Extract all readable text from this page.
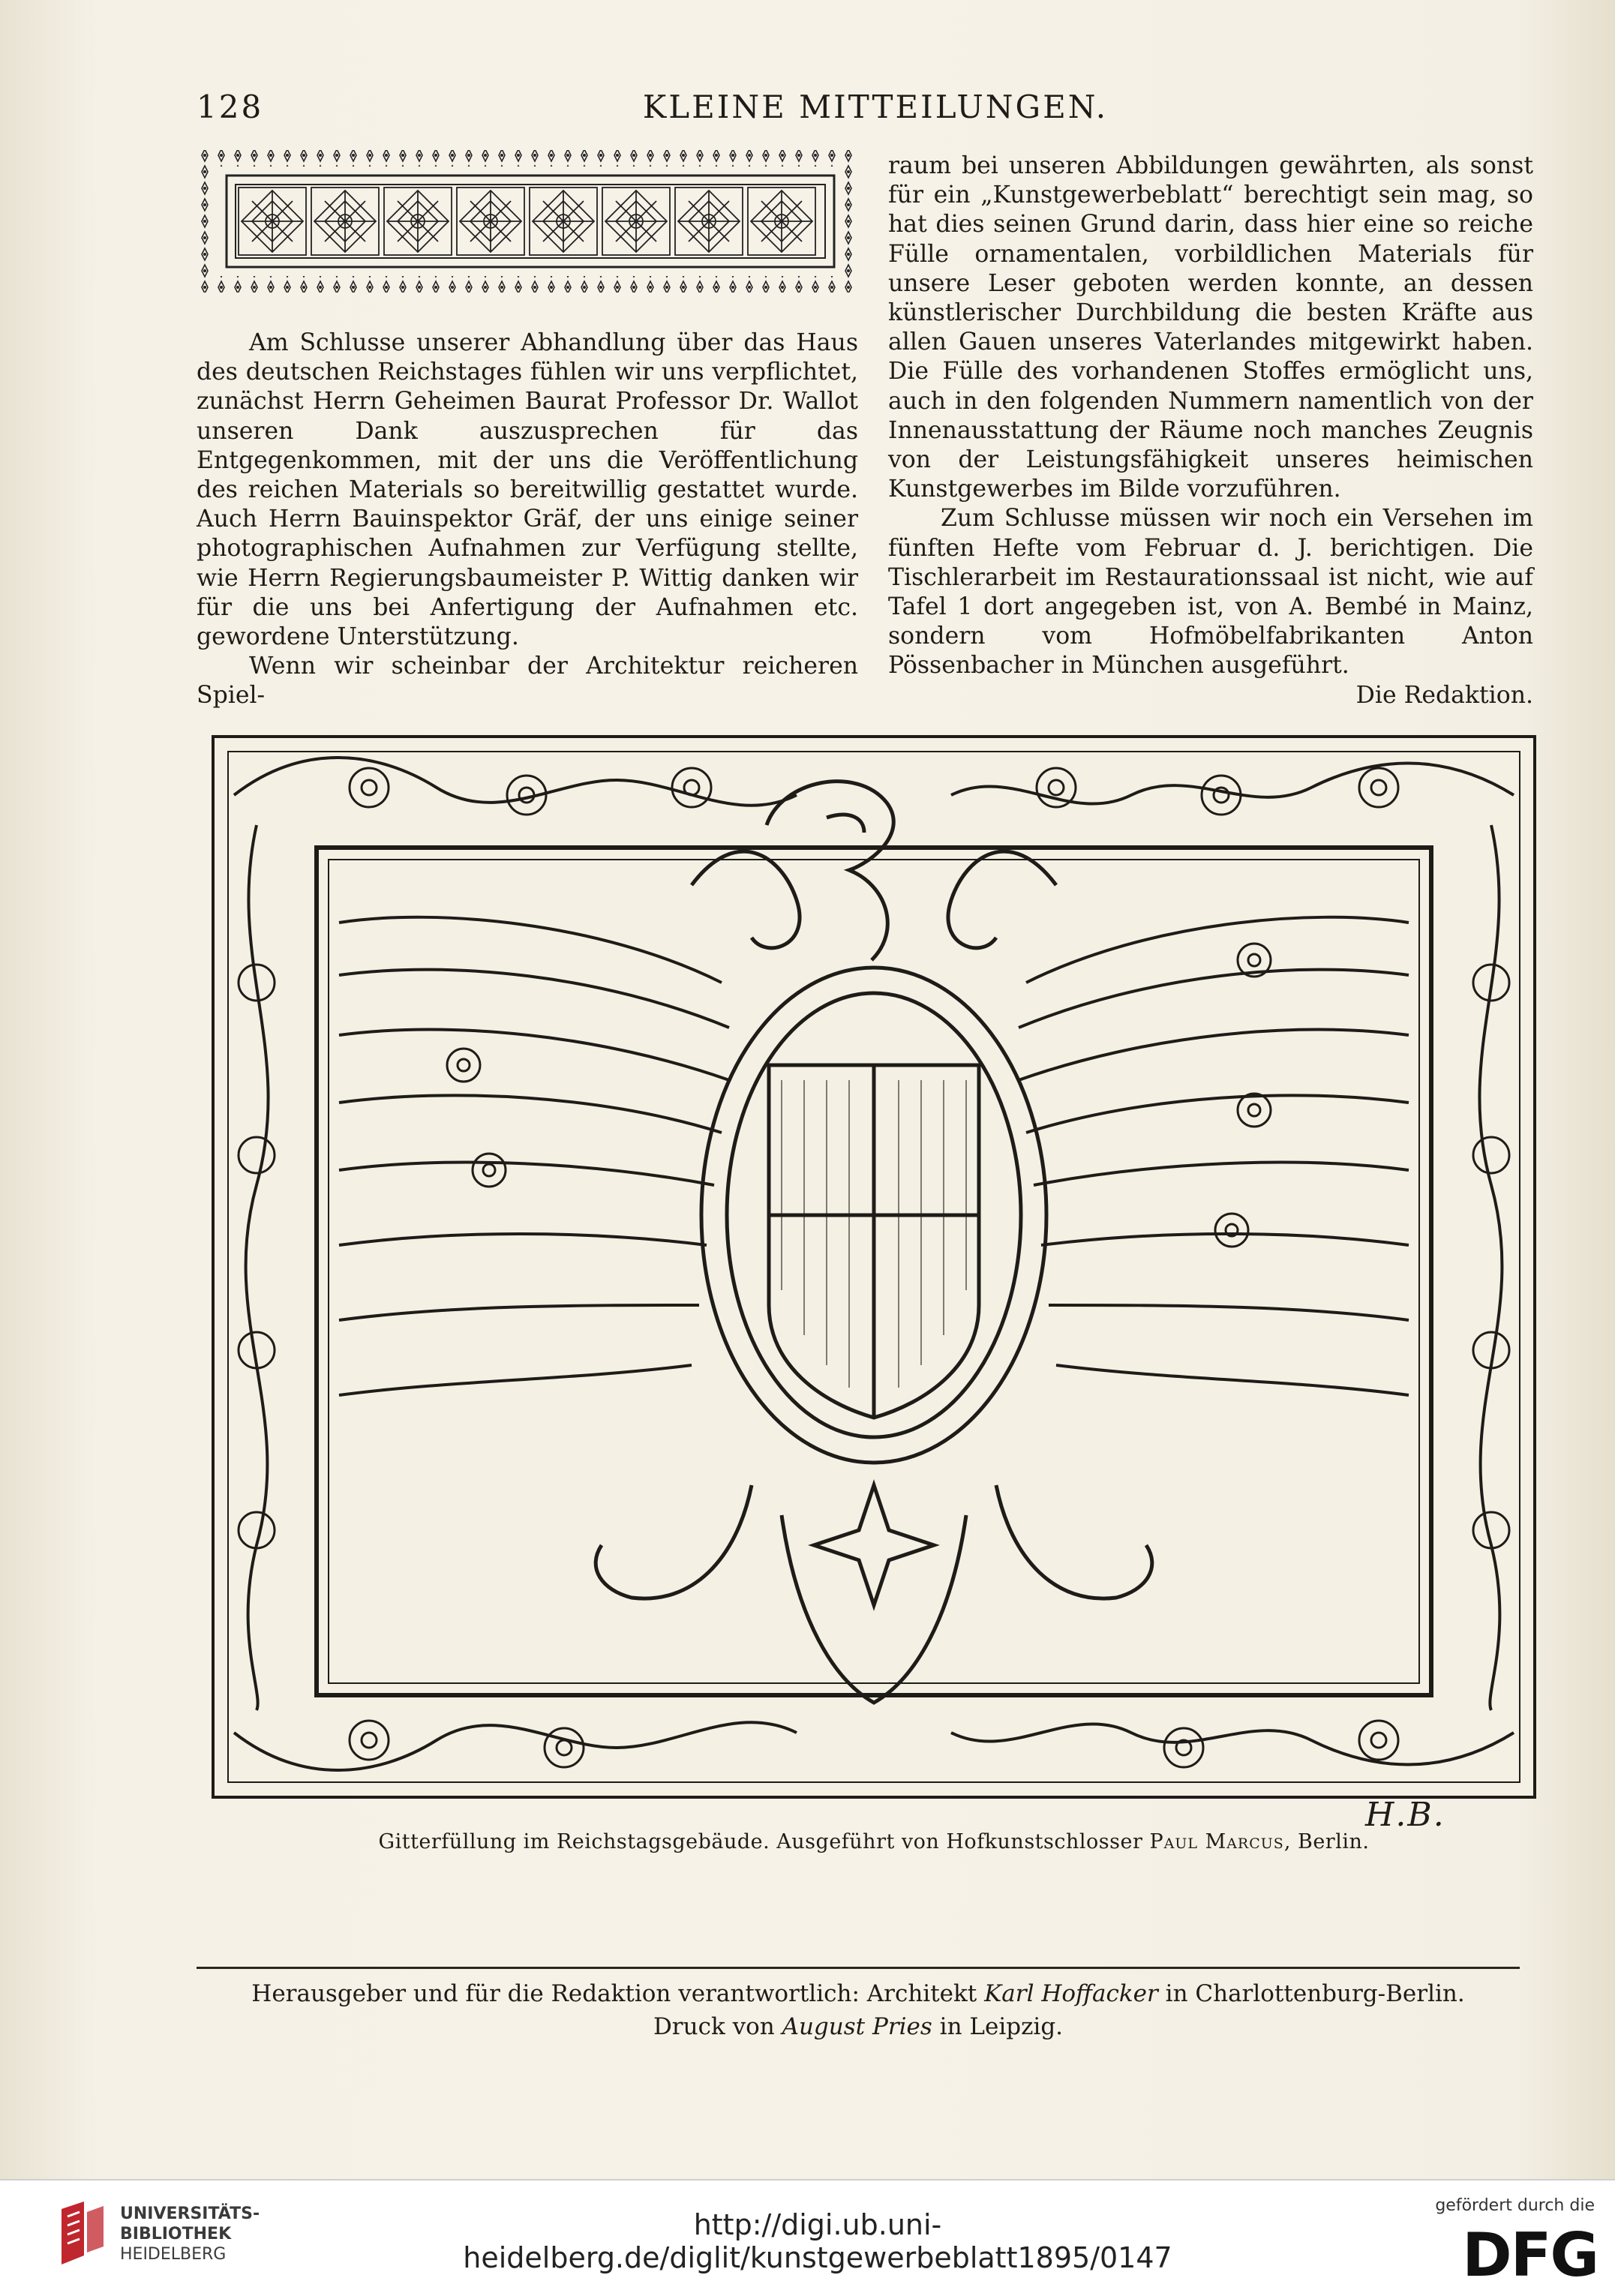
128	KLEINE MITTEILUNGEN.

Am Schlusse unserer Abhandlung über das Haus des deutschen Reichstages fühlen wir uns verpflichtet, zunächst Herrn Geheimen Baurat Professor Dr. Wallot unseren Dank auszusprechen für das Entgegenkommen, mit der uns die Veröffentlichung des reichen Materials so bereitwillig gestattet wurde. Auch Herrn Bauinspektor Gräf, der uns einige seiner photographischen Aufnahmen zur Verfügung stellte, wie Herrn Regierungsbaumeister P. Wittig danken wir für die uns bei Anfertigung der Aufnahmen etc. gewordene Unterstützung.

Wenn wir scheinbar der Architektur reicheren Spiel-

raum bei unseren Abbildungen gewährten, als sonst für ein „Kunstgewerbeblatt“ berechtigt sein mag, so hat dies seinen Grund darin, dass hier eine so reiche Fülle ornamentalen, vorbildlichen Materials für unsere Leser geboten werden konnte, an dessen künstlerischer Durchbildung die besten Kräfte aus allen Gauen unseres Vaterlandes mitgewirkt haben. Die Fülle des vorhandenen Stoffes ermöglicht uns, auch in den folgenden Nummern namentlich von der Innenausstattung der Räume noch manches Zeugnis von der Leistungsfähigkeit unseres heimischen Kunstgewerbes im Bilde vorzuführen.

Zum Schlusse müssen wir noch ein Versehen im fünften Hefte vom Februar d. J. berichtigen. Die Tischlerarbeit im Restaurationssaal ist nicht, wie auf Tafel 1 dort angegeben ist, von A. Bembé in Mainz, sondern vom Hofmöbelfabrikanten Anton Pössenbacher in München ausgeführt.

Die Redaktion.

H.B.
Gitterfüllung im Reichstagsgebäude. Ausgeführt von Hofkunstschlosser Paul Marcus, Berlin.
Herausgeber und für die Redaktion verantwortlich: Architekt Karl Hoffacker in Charlottenburg-Berlin.
Druck von August Pries in Leipzig.
UNIVERSITÄTS-
BIBLIOTHEK
HEIDELBERG
http://digi.ub.uni-heidelberg.de/diglit/kunstgewerbeblatt1895/0147
gefördert durch die
DFG
